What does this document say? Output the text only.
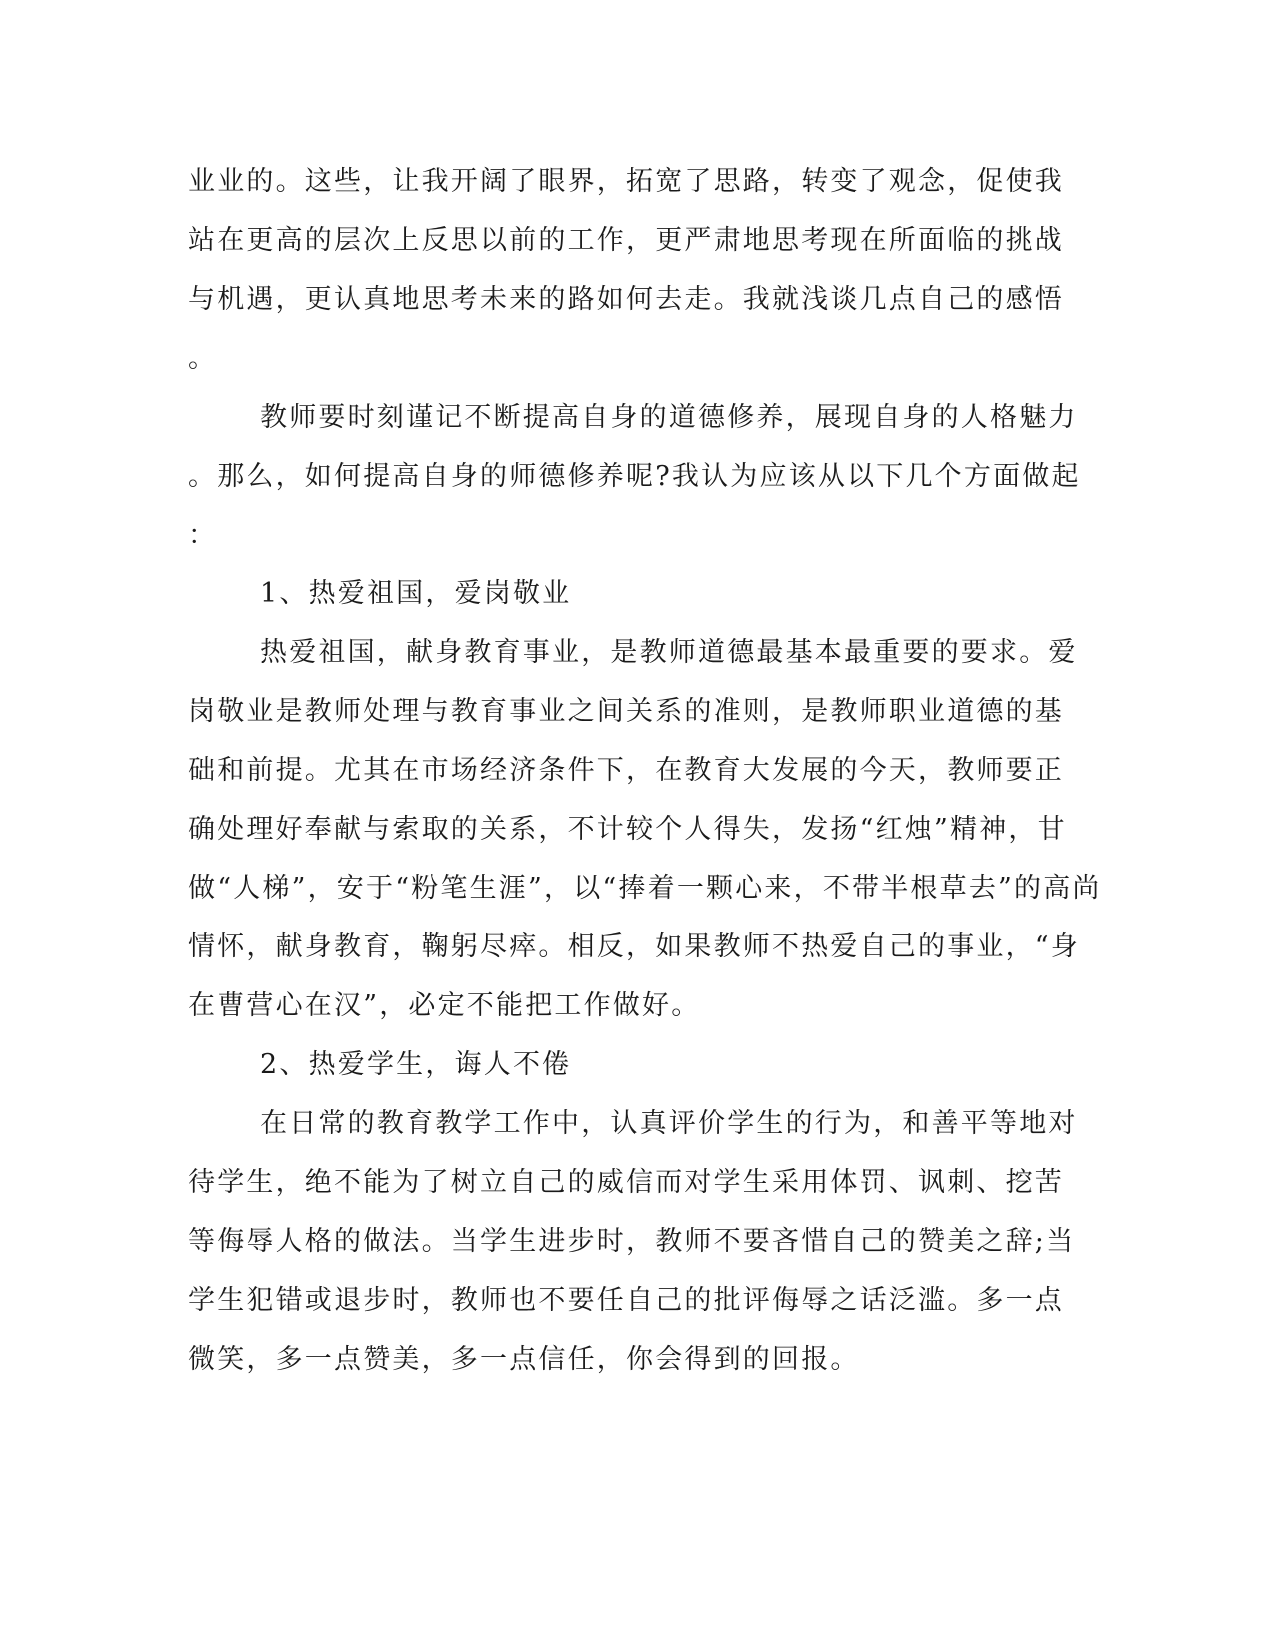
业业的。这些，让我开阔了眼界，拓宽了思路，转变了观念，促使我
站在更高的层次上反思以前的工作，更严肃地思考现在所面临的挑战
与机遇，更认真地思考未来的路如何去走。我就浅谈几点自己的感悟
。
教师要时刻谨记不断提高自身的道德修养，展现自身的人格魅力
。那么，如何提高自身的师德修养呢?我认为应该从以下几个方面做起
：
1、热爱祖国，爱岗敬业
热爱祖国，献身教育事业，是教师道德最基本最重要的要求。爱
岗敬业是教师处理与教育事业之间关系的准则，是教师职业道德的基
础和前提。尤其在市场经济条件下，在教育大发展的今天，教师要正
确处理好奉献与索取的关系，不计较个人得失，发扬“红烛”精神，甘
做“人梯”，安于“粉笔生涯”，以“捧着一颗心来，不带半根草去”的高尚
情怀，献身教育，鞠躬尽瘁。相反，如果教师不热爱自己的事业，“身
在曹营心在汉”，必定不能把工作做好。
2、热爱学生，诲人不倦
在日常的教育教学工作中，认真评价学生的行为，和善平等地对
待学生，绝不能为了树立自己的威信而对学生采用体罚、讽刺、挖苦
等侮辱人格的做法。当学生进步时，教师不要吝惜自己的赞美之辞;当
学生犯错或退步时，教师也不要任自己的批评侮辱之话泛滥。多一点
微笑，多一点赞美，多一点信任，你会得到的回报。
